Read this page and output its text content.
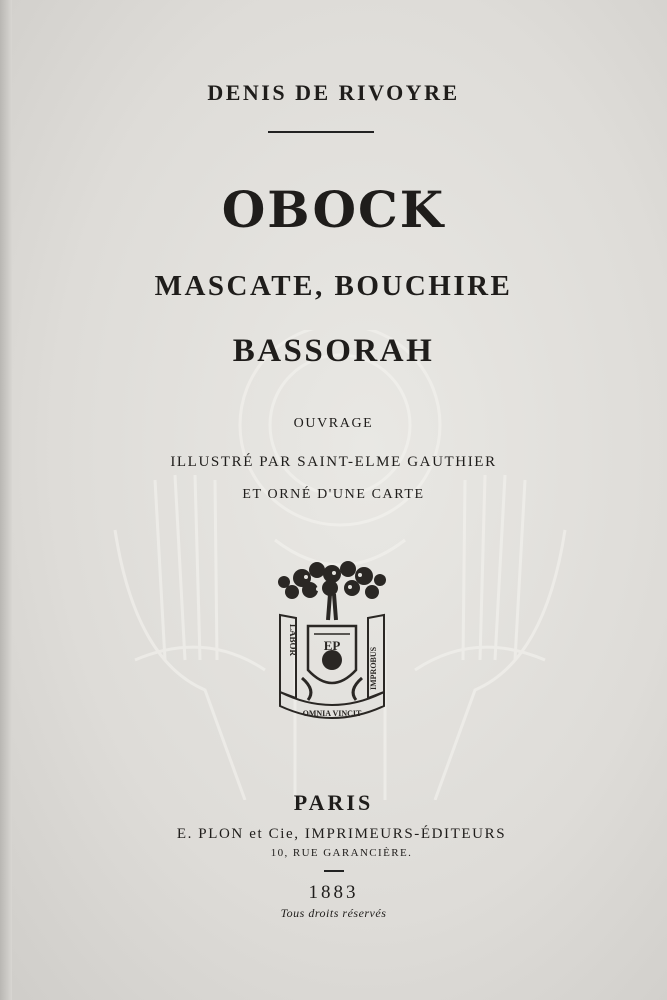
DENIS DE RIVOYRE
OBOCK
MASCATE, BOUCHIRE
BASSORAH
OUVRAGE
ILLUSTRÉ PAR SAINT-ELME GAUTHIER
ET ORNÉ D'UNE CARTE
EP
LABOR
IMPROBUS
OMNIA VINCIT
PARIS
E. PLON et Cie, IMPRIMEURS-ÉDITEURS
10, RUE GARANCIÈRE.
1883
Tous droits réservés
